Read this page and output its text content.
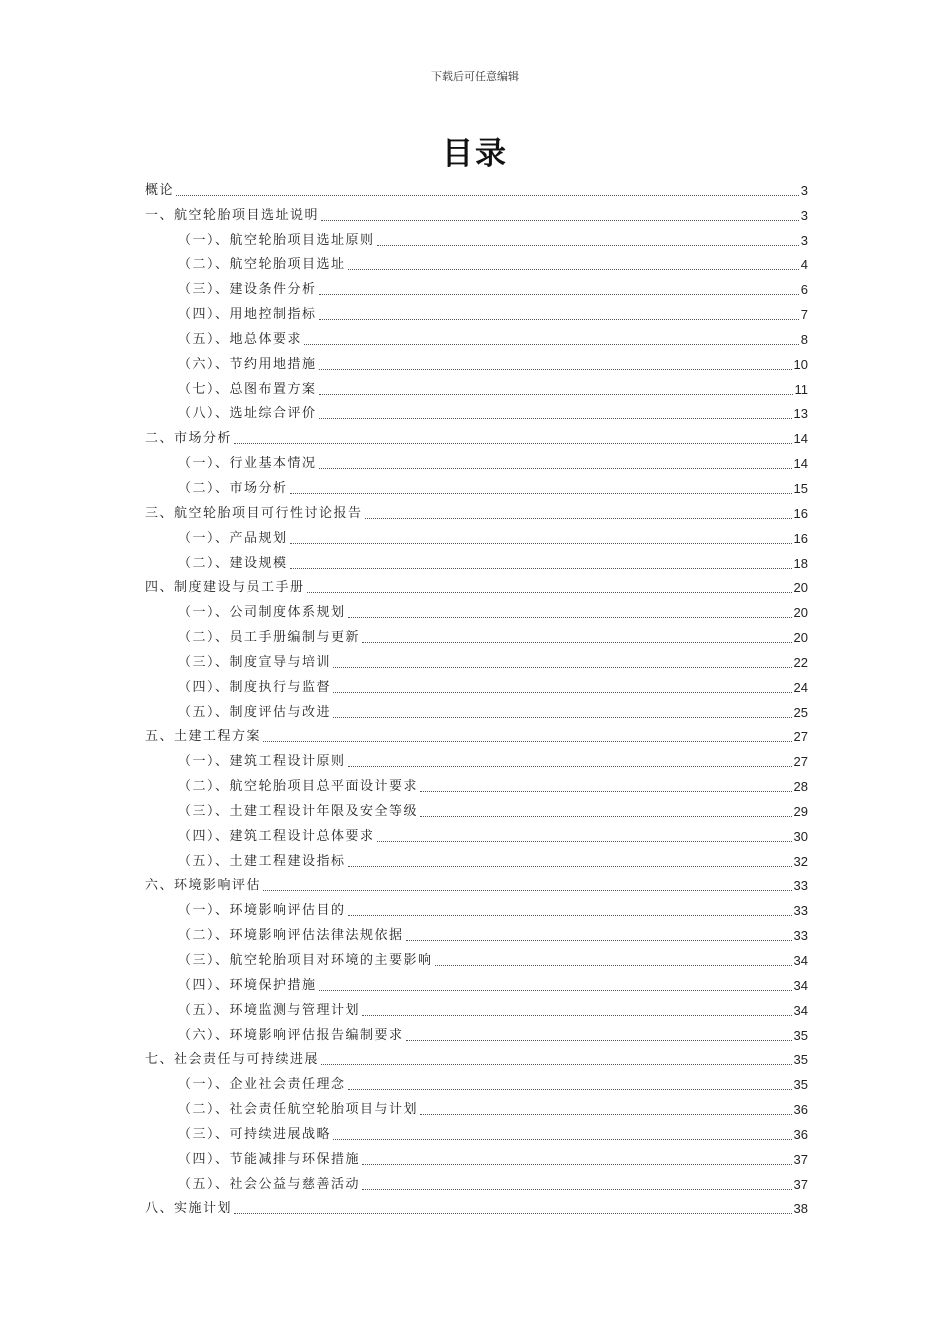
下载后可任意编辑
目录
概论	3
一、航空轮胎项目选址说明	3
（一）、航空轮胎项目选址原则	3
（二）、航空轮胎项目选址	4
（三）、建设条件分析	6
（四）、用地控制指标	7
（五）、地总体要求	8
（六）、节约用地措施	10
（七）、总图布置方案	11
（八）、选址综合评价	13
二、市场分析	14
（一）、行业基本情况	14
（二）、市场分析	15
三、航空轮胎项目可行性讨论报告	16
（一）、产品规划	16
（二）、建设规模	18
四、制度建设与员工手册	20
（一）、公司制度体系规划	20
（二）、员工手册编制与更新	20
（三）、制度宣导与培训	22
（四）、制度执行与监督	24
（五）、制度评估与改进	25
五、土建工程方案	27
（一）、建筑工程设计原则	27
（二）、航空轮胎项目总平面设计要求	28
（三）、土建工程设计年限及安全等级	29
（四）、建筑工程设计总体要求	30
（五）、土建工程建设指标	32
六、环境影响评估	33
（一）、环境影响评估目的	33
（二）、环境影响评估法律法规依据	33
（三）、航空轮胎项目对环境的主要影响	34
（四）、环境保护措施	34
（五）、环境监测与管理计划	34
（六）、环境影响评估报告编制要求	35
七、社会责任与可持续进展	35
（一）、企业社会责任理念	35
（二）、社会责任航空轮胎项目与计划	36
（三）、可持续进展战略	36
（四）、节能减排与环保措施	37
（五）、社会公益与慈善活动	37
八、实施计划	38
